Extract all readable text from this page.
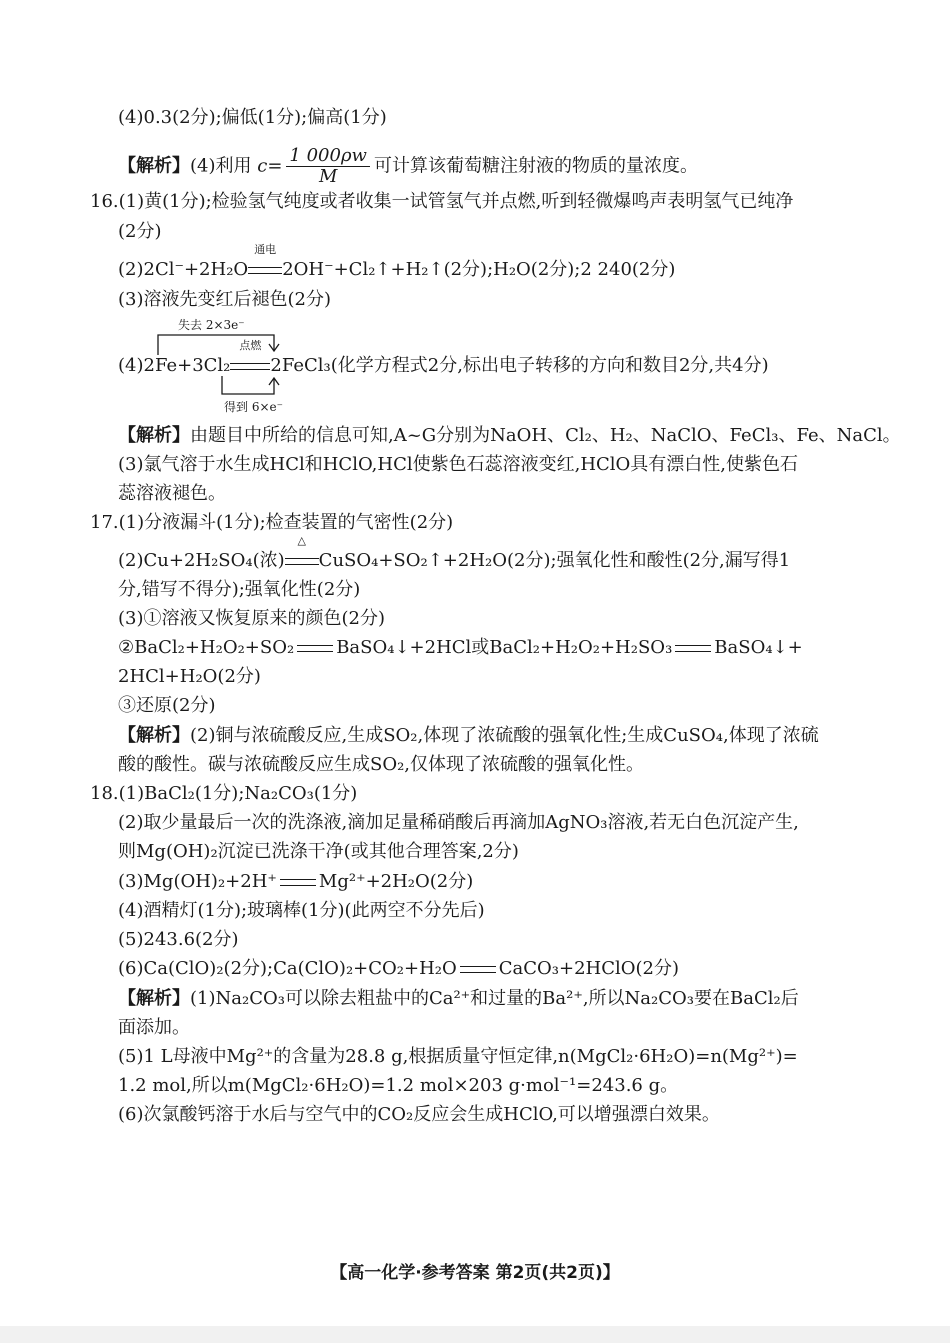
(4)0.3(2分);偏低(1分);偏高(1分)
【解析】(4)利用 $c= \frac{1 000\rho w}{M}$ 可计算该葡萄糖注射液的物质的量浓度。
16.(1)黄(1分);检验氢气纯度或者收集一试管氢气并点燃,听到轻微爆鸣声表明氢气已纯净
(2分)
(2)2Cl⁻+2H₂O
通电
2OH⁻+Cl₂↑+H₂↑(2分);H₂O(2分);2 240(2分)
(3)溶液先变红后褪色(2分)
失去 2×3e⁻
(4)2Fe+3Cl₂
点燃
2FeCl₃(化学方程式2分,标出电子转移的方向和数目2分,共4分)
得到 6×e⁻
【解析】由题目中所给的信息可知,A~G分别为NaOH、Cl₂、H₂、NaClO、FeCl₃、Fe、NaCl。
(3)氯气溶于水生成HCl和HClO,HCl使紫色石蕊溶液变红,HClO具有漂白性,使紫色石
蕊溶液褪色。
17.(1)分液漏斗(1分);检查装置的气密性(2分)
(2)Cu+2H₂SO₄(浓)
△
CuSO₄+SO₂↑+2H₂O(2分);强氧化性和酸性(2分,漏写得1
分,错写不得分);强氧化性(2分)
(3)①溶液又恢复原来的颜色(2分)
②BaCl₂+H₂O₂+SO₂ BaSO₄↓+2HCl或BaCl₂+H₂O₂+H₂SO₃ BaSO₄↓+
2HCl+H₂O(2分)
③还原(2分)
【解析】(2)铜与浓硫酸反应,生成SO₂,体现了浓硫酸的强氧化性;生成CuSO₄,体现了浓硫
酸的酸性。碳与浓硫酸反应生成SO₂,仅体现了浓硫酸的强氧化性。
18.(1)BaCl₂(1分);Na₂CO₃(1分)
(2)取少量最后一次的洗涤液,滴加足量稀硝酸后再滴加AgNO₃溶液,若无白色沉淀产生,
则Mg(OH)₂沉淀已洗涤干净(或其他合理答案,2分)
(3)Mg(OH)₂+2H⁺ Mg²⁺+2H₂O(2分)
(4)酒精灯(1分);玻璃棒(1分)(此两空不分先后)
(5)243.6(2分)
(6)Ca(ClO)₂(2分);Ca(ClO)₂+CO₂+H₂O CaCO₃+2HClO(2分)
【解析】(1)Na₂CO₃可以除去粗盐中的Ca²⁺和过量的Ba²⁺,所以Na₂CO₃要在BaCl₂后
面添加。
(5)1 L母液中Mg²⁺的含量为28.8 g,根据质量守恒定律,n(MgCl₂·6H₂O)=n(Mg²⁺)=
1.2 mol,所以m(MgCl₂·6H₂O)=1.2 mol×203 g·mol⁻¹=243.6 g。
(6)次氯酸钙溶于水后与空气中的CO₂反应会生成HClO,可以增强漂白效果。
【高一化学·参考答案 第2页(共2页)】
